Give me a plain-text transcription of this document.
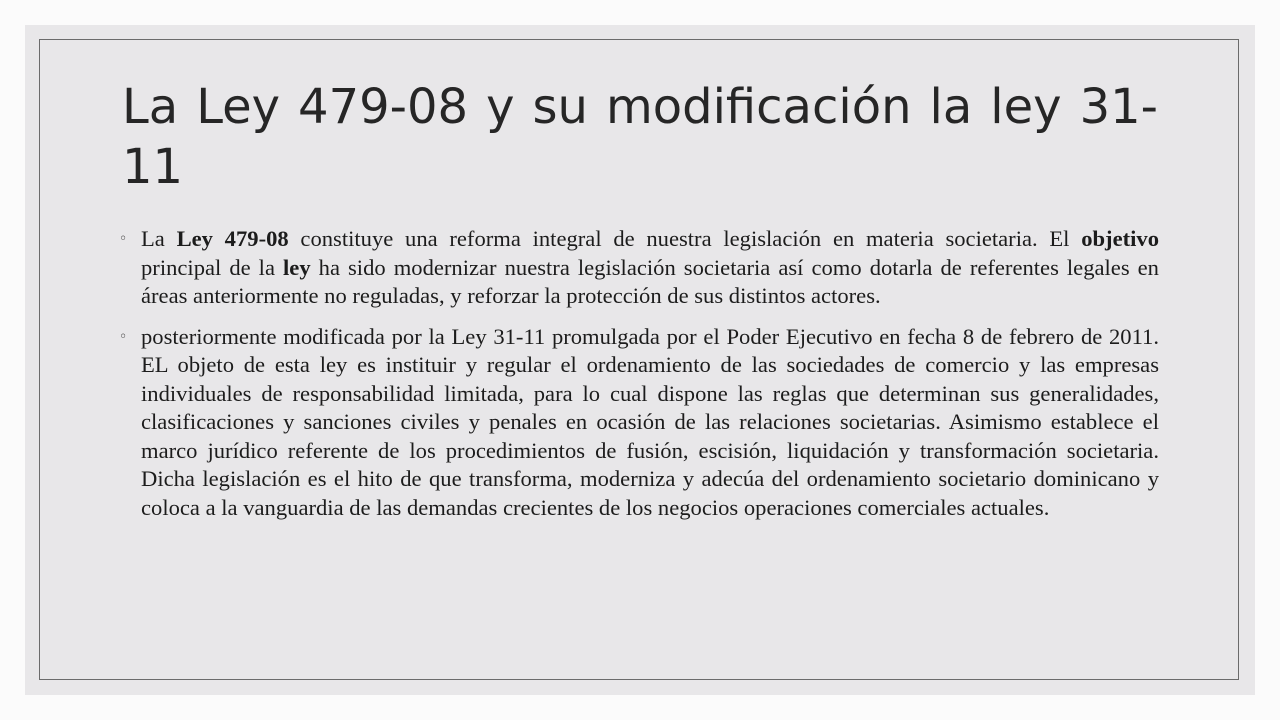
La Ley 479-08 y su modificación la ley 31-11
◦ La Ley 479-08 constituye una reforma integral de nuestra legislación en materia societaria. El objetivo principal de la ley ha sido modernizar nuestra legislación societaria así como dotarla de referentes legales en áreas anteriormente no reguladas, y reforzar la protección de sus distintos actores.
◦ posteriormente modificada por la Ley 31-11 promulgada por el Poder Ejecutivo en fecha 8 de febrero de 2011. EL objeto de esta ley es instituir y regular el ordenamiento de las sociedades de comercio y las empresas individuales de responsabilidad limitada, para lo cual dispone las reglas que determinan sus generalidades, clasificaciones y sanciones civiles y penales en ocasión de las relaciones societarias. Asimismo establece el marco jurídico referente de los procedimientos de fusión, escisión, liquidación y transformación societaria. Dicha legislación es el hito de que transforma, moderniza y adecúa del ordenamiento societario dominicano y coloca a la vanguardia de las demandas crecientes de los negocios operaciones comerciales actuales.
